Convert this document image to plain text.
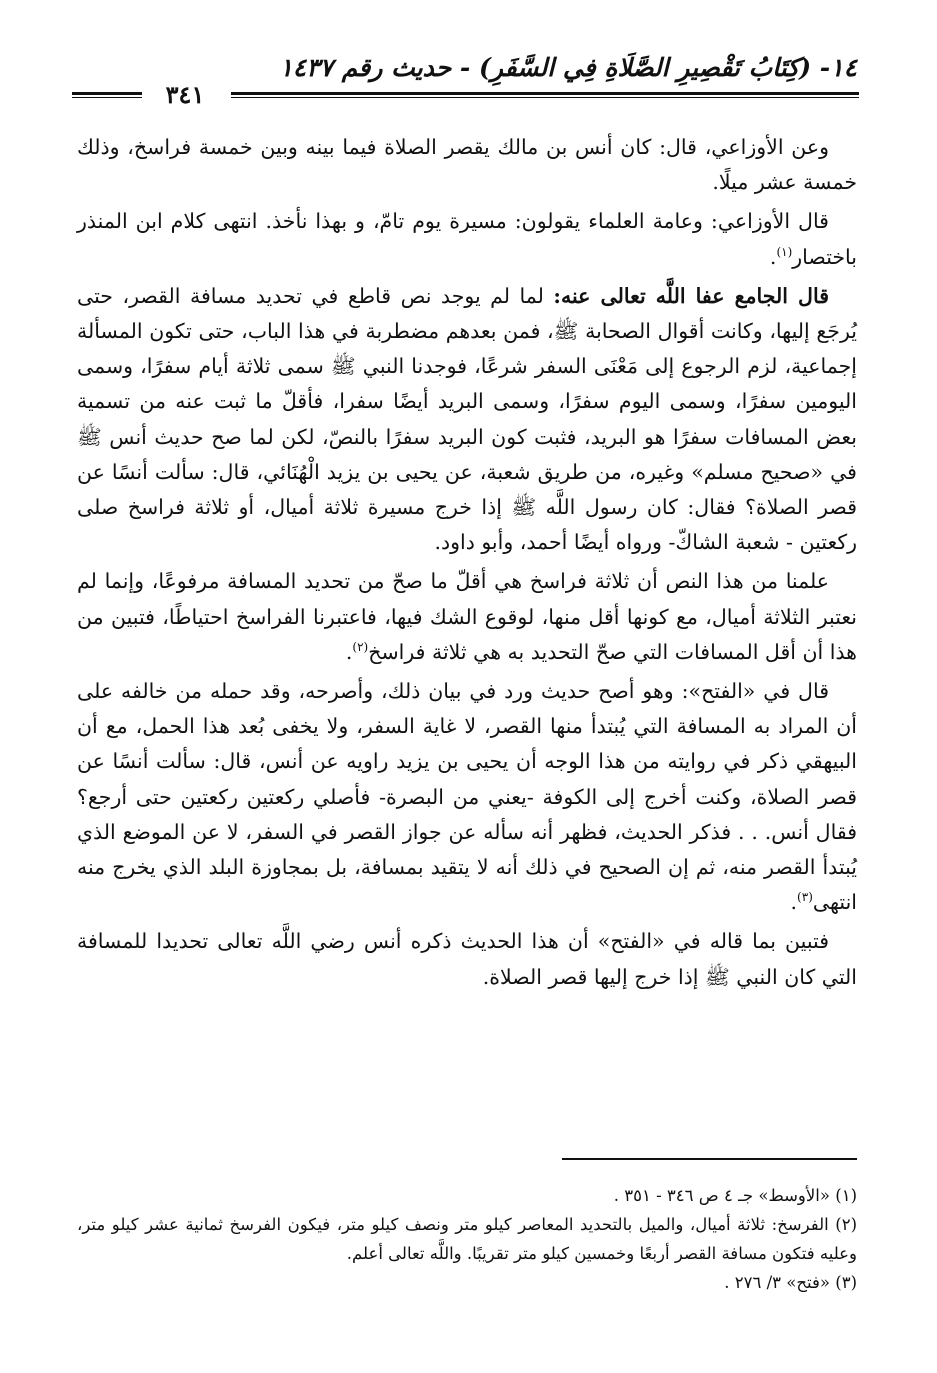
١٤- (كِتَابُ تَقْصِيرِ الصَّلَاةِ فِي السَّفَرِ) - حديث رقم ١٤٣٧
٣٤١

وعن الأوزاعي، قال: كان أنس بن مالك يقصر الصلاة فيما بينه وبين خمسة فراسخ، وذلك خمسة عشر ميلًا.

قال الأوزاعي: وعامة العلماء يقولون: مسيرة يوم تامّ، و بهذا نأخذ. انتهى كلام ابن المنذر باختصار$^{(١)}$.

قال الجامع عفا اللَّه تعالى عنه: لما لم يوجد نص قاطع في تحديد مسافة القصر، حتى يُرجَع إليها، وكانت أقوال الصحابة ﷺ، فمن بعدهم مضطربة في هذا الباب، حتى تكون المسألة إجماعية، لزم الرجوع إلى مَعْنَى السفر شرعًا، فوجدنا النبي ﷺ سمى ثلاثة أيام سفرًا، وسمى اليومين سفرًا، وسمى اليوم سفرًا، وسمى البريد أيضًا سفرا، فأقلّ ما ثبت عنه من تسمية بعض المسافات سفرًا هو البريد، فثبت كون البريد سفرًا بالنصّ، لكن لما صح حديث أنس ﷺ في «صحيح مسلم» وغيره، من طريق شعبة، عن يحيى بن يزيد الْهُنَائي، قال: سألت أنسًا عن قصر الصلاة؟ فقال: كان رسول اللَّه ﷺ إذا خرج مسيرة ثلاثة أميال، أو ثلاثة فراسخ صلى ركعتين - شعبة الشاكّ- ورواه أيضًا أحمد، وأبو داود.

علمنا من هذا النص أن ثلاثة فراسخ هي أقلّ ما صحّ من تحديد المسافة مرفوعًا، وإنما لم نعتبر الثلاثة أميال، مع كونها أقل منها، لوقوع الشك فيها، فاعتبرنا الفراسخ احتياطًا، فتبين من هذا أن أقل المسافات التي صحّ التحديد به هي ثلاثة فراسخ$^{(٢)}$.

قال في «الفتح»: وهو أصح حديث ورد في بيان ذلك، وأصرحه، وقد حمله من خالفه على أن المراد به المسافة التي يُبتدأ منها القصر، لا غاية السفر، ولا يخفى بُعد هذا الحمل، مع أن البيهقي ذكر في روايته من هذا الوجه أن يحيى بن يزيد راويه عن أنس، قال: سألت أنسًا عن قصر الصلاة، وكنت أخرج إلى الكوفة -يعني من البصرة- فأصلي ركعتين ركعتين حتى أرجع؟ فقال أنس. . . فذكر الحديث، فظهر أنه سأله عن جواز القصر في السفر، لا عن الموضع الذي يُبتدأ القصر منه، ثم إن الصحيح في ذلك أنه لا يتقيد بمسافة، بل بمجاوزة البلد الذي يخرج منه انتهى$^{(٣)}$.

فتبين بما قاله في «الفتح» أن هذا الحديث ذكره أنس رضي اللَّه تعالى تحديدا للمسافة التي كان النبي ﷺ إذا خرج إليها قصر الصلاة.

(١) «الأوسط» جـ ٤ ص ٣٤٦ - ٣٥١ .

(٢) الفرسخ: ثلاثة أميال، والميل بالتحديد المعاصر كيلو متر ونصف كيلو متر، فيكون الفرسخ ثمانية عشر كيلو متر، وعليه فتكون مسافة القصر أربعًا وخمسين كيلو متر تقريبًا. واللَّه تعالى أعلم.

(٣) «فتح» ٣/ ٢٧٦ .
